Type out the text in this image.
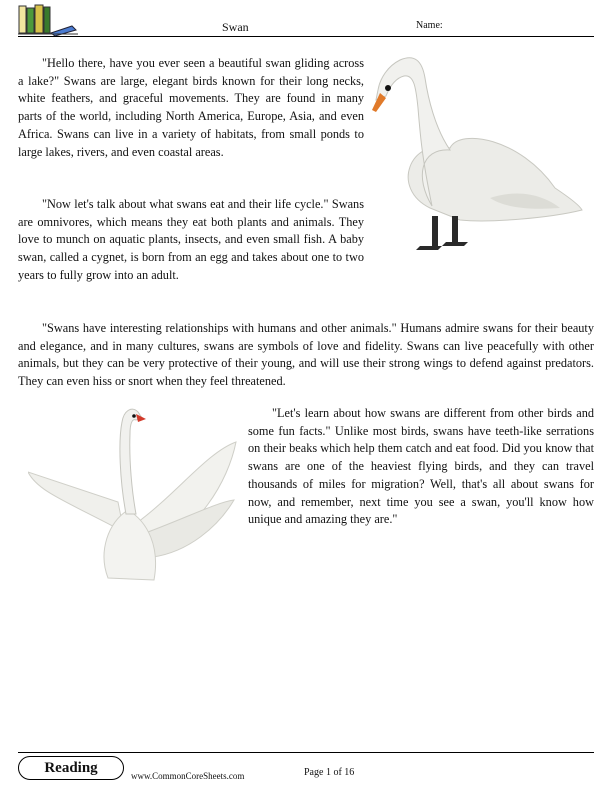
Swan	Name:

"Hello there, have you ever seen a beautiful swan gliding across a lake?" Swans are large, elegant birds known for their long necks, white feathers, and graceful movements. They are found in many parts of the world, including North America, Europe, Asia, and even Africa. Swans can live in a variety of habitats, from small ponds to large lakes, rivers, and even coastal areas.

"Now let's talk about what swans eat and their life cycle." Swans are omnivores, which means they eat both plants and animals. They love to munch on aquatic plants, insects, and even small fish. A baby swan, called a cygnet, is born from an egg and takes about one to two years to fully grow into an adult.

"Swans have interesting relationships with humans and other animals." Humans admire swans for their beauty and elegance, and in many cultures, swans are symbols of love and fidelity. Swans can live peacefully with other animals, but they can be very protective of their young, and will use their strong wings to defend against predators. They can even hiss or snort when they feel threatened.

"Let's learn about how swans are different from other birds and some fun facts." Unlike most birds, swans have teeth-like serrations on their beaks which help them catch and eat food. Did you know that swans are one of the heaviest flying birds, and they can travel thousands of miles for migration? Well, that's all about swans for now, and remember, next time you see a swan, you'll know how unique and amazing they are."

Reading	www.CommonCoreSheets.com	Page 1 of 16
